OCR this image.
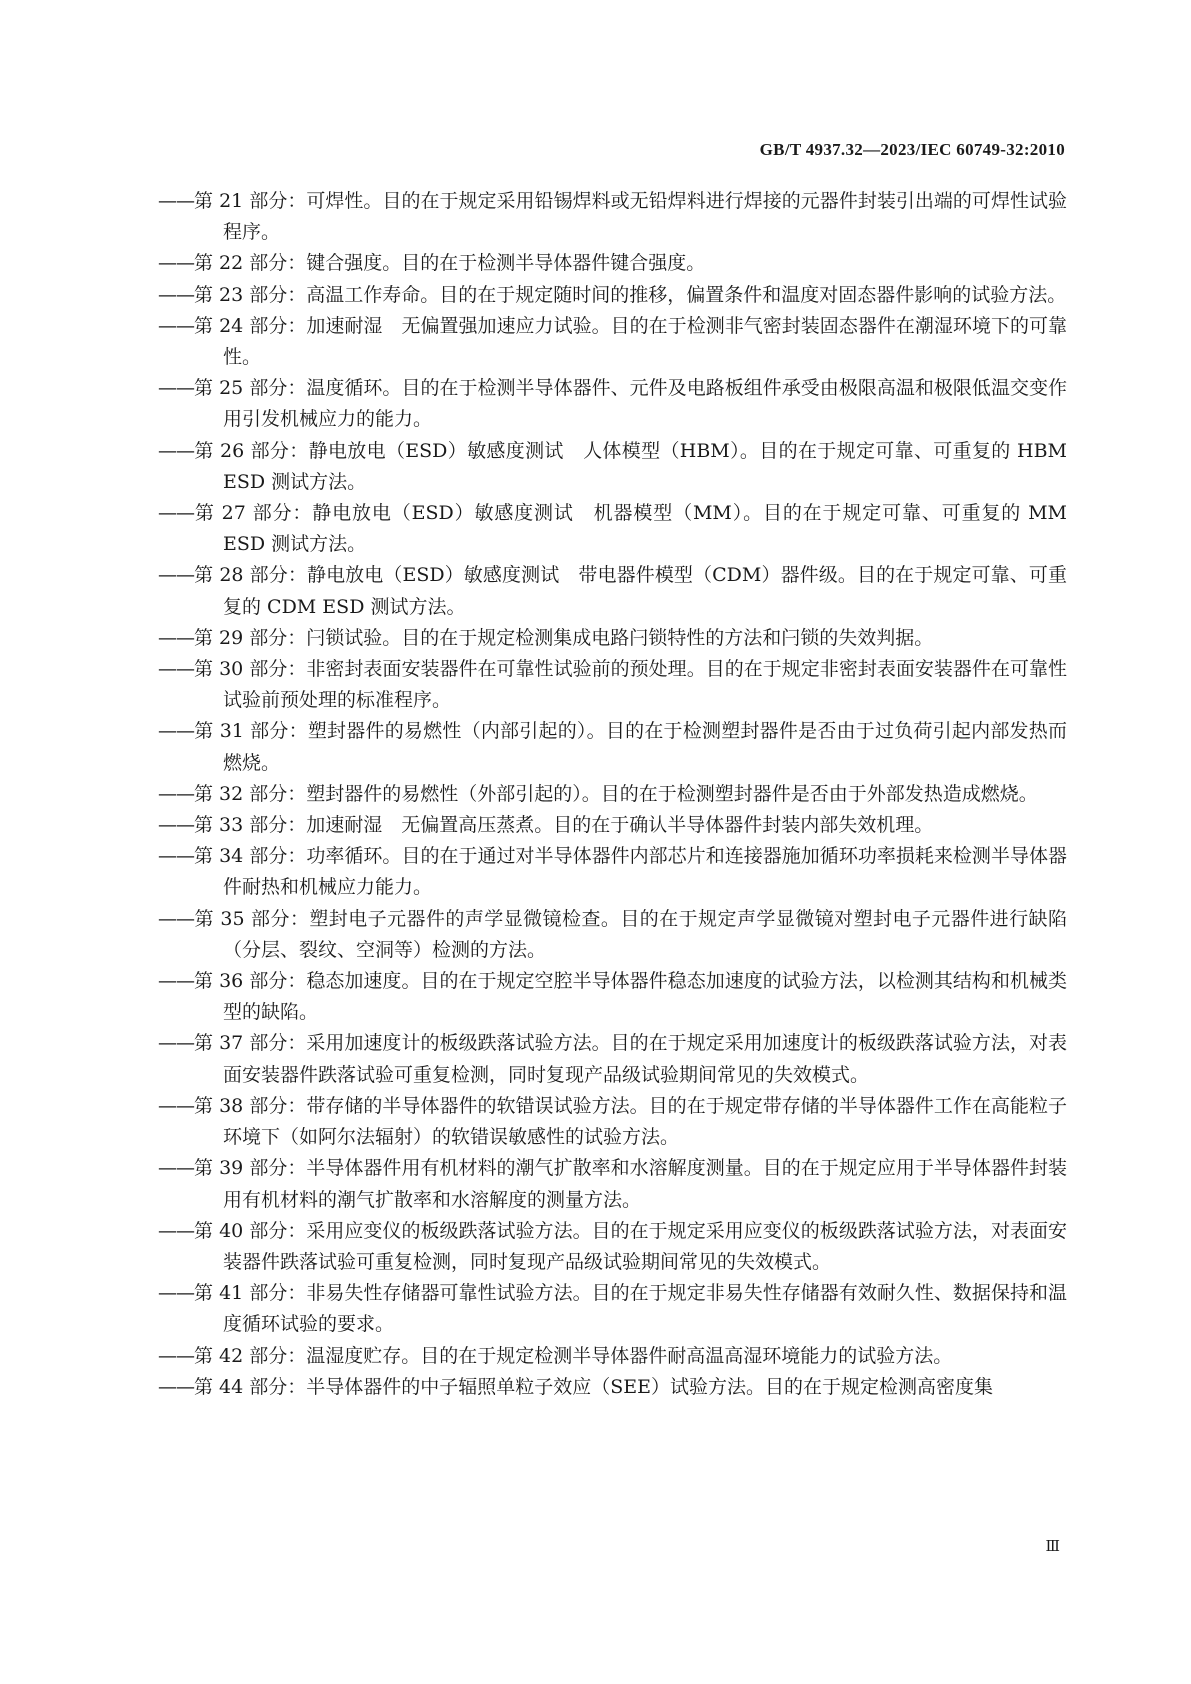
GB/T 4937.32—2023/IEC 60749-32:2010

——第 21 部分：可焊性。目的在于规定采用铅锡焊料或无铅焊料进行焊接的元器件封装引出端的可焊性试验程序。

——第 22 部分：键合强度。目的在于检测半导体器件键合强度。

——第 23 部分：高温工作寿命。目的在于规定随时间的推移，偏置条件和温度对固态器件影响的试验方法。

——第 24 部分：加速耐湿　无偏置强加速应力试验。目的在于检测非气密封装固态器件在潮湿环境下的可靠性。

——第 25 部分：温度循环。目的在于检测半导体器件、元件及电路板组件承受由极限高温和极限低温交变作用引发机械应力的能力。

——第 26 部分：静电放电（ESD）敏感度测试　人体模型（HBM）。目的在于规定可靠、可重复的 HBM ESD 测试方法。

——第 27 部分：静电放电（ESD）敏感度测试　机器模型（MM）。目的在于规定可靠、可重复的 MM ESD 测试方法。

——第 28 部分：静电放电（ESD）敏感度测试　带电器件模型（CDM）器件级。目的在于规定可靠、可重复的 CDM ESD 测试方法。

——第 29 部分：闩锁试验。目的在于规定检测集成电路闩锁特性的方法和闩锁的失效判据。

——第 30 部分：非密封表面安装器件在可靠性试验前的预处理。目的在于规定非密封表面安装器件在可靠性试验前预处理的标准程序。

——第 31 部分：塑封器件的易燃性（内部引起的）。目的在于检测塑封器件是否由于过负荷引起内部发热而燃烧。

——第 32 部分：塑封器件的易燃性（外部引起的）。目的在于检测塑封器件是否由于外部发热造成燃烧。

——第 33 部分：加速耐湿　无偏置高压蒸煮。目的在于确认半导体器件封装内部失效机理。

——第 34 部分：功率循环。目的在于通过对半导体器件内部芯片和连接器施加循环功率损耗来检测半导体器件耐热和机械应力能力。

——第 35 部分：塑封电子元器件的声学显微镜检查。目的在于规定声学显微镜对塑封电子元器件进行缺陷（分层、裂纹、空洞等）检测的方法。

——第 36 部分：稳态加速度。目的在于规定空腔半导体器件稳态加速度的试验方法，以检测其结构和机械类型的缺陷。

——第 37 部分：采用加速度计的板级跌落试验方法。目的在于规定采用加速度计的板级跌落试验方法，对表面安装器件跌落试验可重复检测，同时复现产品级试验期间常见的失效模式。

——第 38 部分：带存储的半导体器件的软错误试验方法。目的在于规定带存储的半导体器件工作在高能粒子环境下（如阿尔法辐射）的软错误敏感性的试验方法。

——第 39 部分：半导体器件用有机材料的潮气扩散率和水溶解度测量。目的在于规定应用于半导体器件封装用有机材料的潮气扩散率和水溶解度的测量方法。

——第 40 部分：采用应变仪的板级跌落试验方法。目的在于规定采用应变仪的板级跌落试验方法，对表面安装器件跌落试验可重复检测，同时复现产品级试验期间常见的失效模式。

——第 41 部分：非易失性存储器可靠性试验方法。目的在于规定非易失性存储器有效耐久性、数据保持和温度循环试验的要求。

——第 42 部分：温湿度贮存。目的在于规定检测半导体器件耐高温高湿环境能力的试验方法。

——第 44 部分：半导体器件的中子辐照单粒子效应（SEE）试验方法。目的在于规定检测高密度集

Ⅲ
